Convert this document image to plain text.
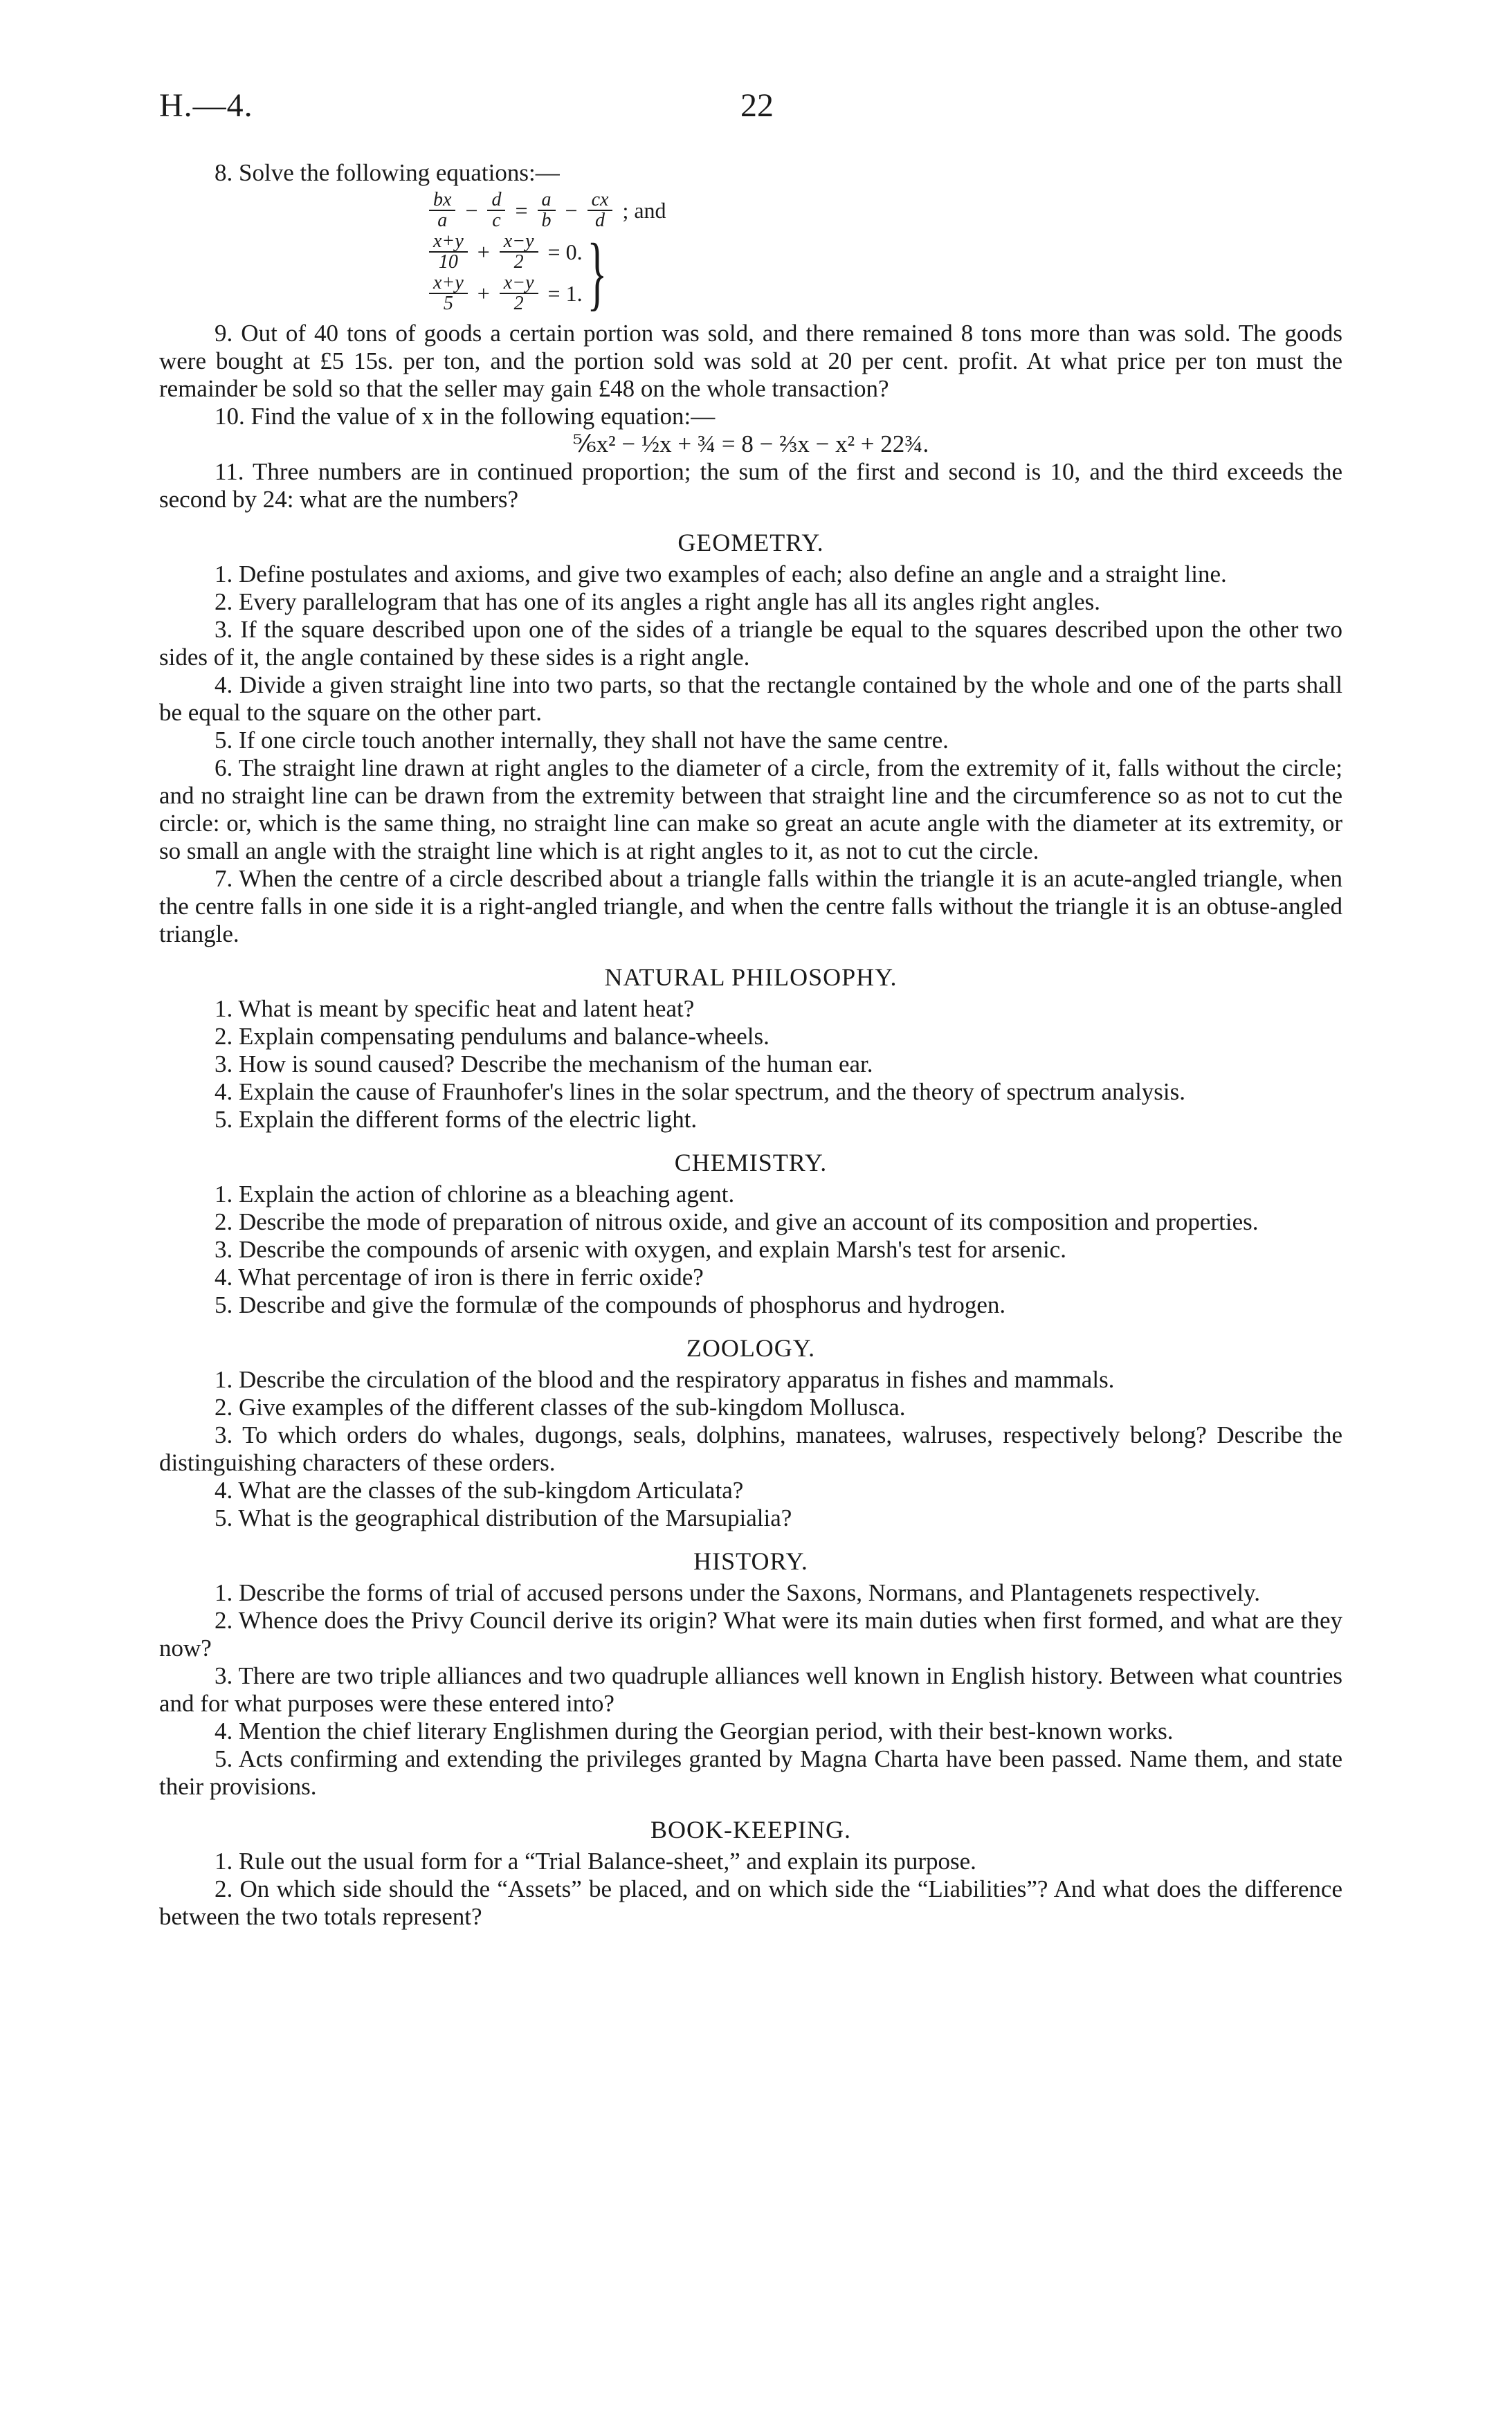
H.—4.	22

8. Solve the following equations:—

$\frac{bx}{a} - \frac{d}{c} = \frac{a}{b} - \frac{cx}{d}$ ; and
$\frac{x+y}{10} + \frac{x-y}{2} = 0$.
$\frac{x+y}{5} + \frac{x-y}{2} = 1$. }

9. Out of 40 tons of goods a certain portion was sold, and there remained 8 tons more than was sold. The goods were bought at £5 15s. per ton, and the portion sold was sold at 20 per cent. profit. At what price per ton must the remainder be sold so that the seller may gain £48 on the whole transaction?

10. Find the value of x in the following equation:—

⅚x² − ½x + ¾ = 8 − ⅔x − x² + 22¾.

11. Three numbers are in continued proportion; the sum of the first and second is 10, and the third exceeds the second by 24: what are the numbers?

GEOMETRY.

1. Define postulates and axioms, and give two examples of each; also define an angle and a straight line.

2. Every parallelogram that has one of its angles a right angle has all its angles right angles.

3. If the square described upon one of the sides of a triangle be equal to the squares described upon the other two sides of it, the angle contained by these sides is a right angle.

4. Divide a given straight line into two parts, so that the rectangle contained by the whole and one of the parts shall be equal to the square on the other part.

5. If one circle touch another internally, they shall not have the same centre.

6. The straight line drawn at right angles to the diameter of a circle, from the extremity of it, falls without the circle; and no straight line can be drawn from the extremity between that straight line and the circumference so as not to cut the circle: or, which is the same thing, no straight line can make so great an acute angle with the diameter at its extremity, or so small an angle with the straight line which is at right angles to it, as not to cut the circle.

7. When the centre of a circle described about a triangle falls within the triangle it is an acute-angled triangle, when the centre falls in one side it is a right-angled triangle, and when the centre falls without the triangle it is an obtuse-angled triangle.

NATURAL PHILOSOPHY.

1. What is meant by specific heat and latent heat?

2. Explain compensating pendulums and balance-wheels.

3. How is sound caused? Describe the mechanism of the human ear.

4. Explain the cause of Fraunhofer's lines in the solar spectrum, and the theory of spectrum analysis.

5. Explain the different forms of the electric light.

CHEMISTRY.

1. Explain the action of chlorine as a bleaching agent.

2. Describe the mode of preparation of nitrous oxide, and give an account of its composition and properties.

3. Describe the compounds of arsenic with oxygen, and explain Marsh's test for arsenic.

4. What percentage of iron is there in ferric oxide?

5. Describe and give the formulæ of the compounds of phosphorus and hydrogen.

ZOOLOGY.

1. Describe the circulation of the blood and the respiratory apparatus in fishes and mammals.

2. Give examples of the different classes of the sub-kingdom Mollusca.

3. To which orders do whales, dugongs, seals, dolphins, manatees, walruses, respectively belong? Describe the distinguishing characters of these orders.

4. What are the classes of the sub-kingdom Articulata?

5. What is the geographical distribution of the Marsupialia?

HISTORY.

1. Describe the forms of trial of accused persons under the Saxons, Normans, and Plantagenets respectively.

2. Whence does the Privy Council derive its origin? What were its main duties when first formed, and what are they now?

3. There are two triple alliances and two quadruple alliances well known in English history. Between what countries and for what purposes were these entered into?

4. Mention the chief literary Englishmen during the Georgian period, with their best-known works.

5. Acts confirming and extending the privileges granted by Magna Charta have been passed. Name them, and state their provisions.

BOOK-KEEPING.

1. Rule out the usual form for a “Trial Balance-sheet,” and explain its purpose.

2. On which side should the “Assets” be placed, and on which side the “Liabilities”? And what does the difference between the two totals represent?
